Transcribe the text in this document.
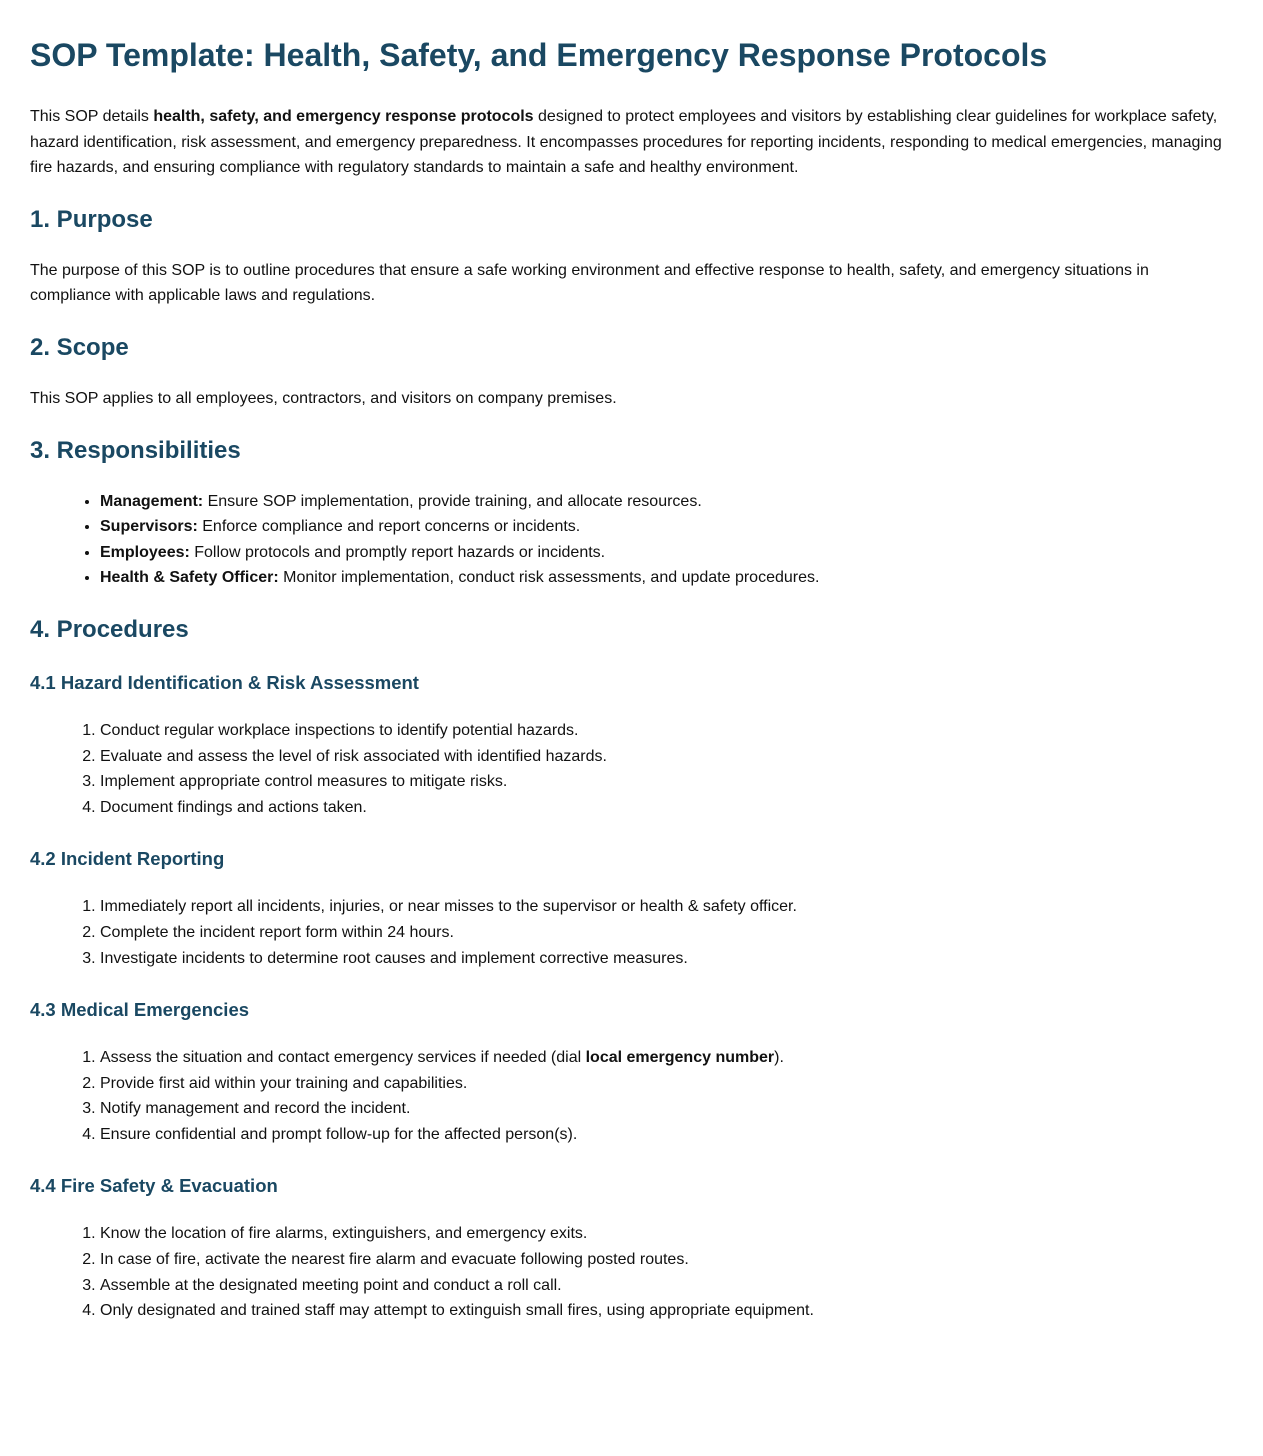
SOP Template: Health, Safety, and Emergency Response Protocols

This SOP details health, safety, and emergency response protocols designed to protect employees and visitors by establishing clear guidelines for workplace safety, hazard identification, risk assessment, and emergency preparedness. It encompasses procedures for reporting incidents, responding to medical emergencies, managing fire hazards, and ensuring compliance with regulatory standards to maintain a safe and healthy environment.

1. Purpose

The purpose of this SOP is to outline procedures that ensure a safe working environment and effective response to health, safety, and emergency situations in compliance with applicable laws and regulations.

2. Scope

This SOP applies to all employees, contractors, and visitors on company premises.

3. Responsibilities
• Management: Ensure SOP implementation, provide training, and allocate resources.
• Supervisors: Enforce compliance and report concerns or incidents.
• Employees: Follow protocols and promptly report hazards or incidents.
• Health & Safety Officer: Monitor implementation, conduct risk assessments, and update procedures.
4. Procedures
4.1 Hazard Identification & Risk Assessment
1. Conduct regular workplace inspections to identify potential hazards.
2. Evaluate and assess the level of risk associated with identified hazards.
3. Implement appropriate control measures to mitigate risks.
4. Document findings and actions taken.
4.2 Incident Reporting
1. Immediately report all incidents, injuries, or near misses to the supervisor or health & safety officer.
2. Complete the incident report form within 24 hours.
3. Investigate incidents to determine root causes and implement corrective measures.
4.3 Medical Emergencies
1. Assess the situation and contact emergency services if needed (dial local emergency number).
2. Provide first aid within your training and capabilities.
3. Notify management and record the incident.
4. Ensure confidential and prompt follow-up for the affected person(s).
4.4 Fire Safety & Evacuation
1. Know the location of fire alarms, extinguishers, and emergency exits.
2. In case of fire, activate the nearest fire alarm and evacuate following posted routes.
3. Assemble at the designated meeting point and conduct a roll call.
4. Only designated and trained staff may attempt to extinguish small fires, using appropriate equipment.
